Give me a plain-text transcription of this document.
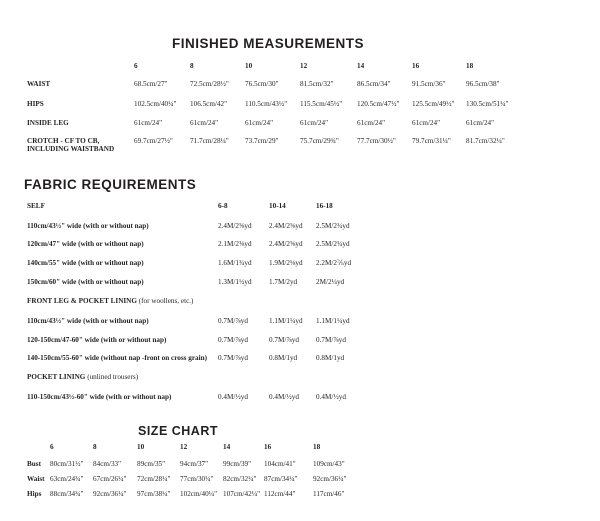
FINISHED MEASUREMENTS
6	8	10	12	14	16	18
WAIST	68.5cm/27"	72.5cm/28½" 76.5cm/30"	81.5cm/32"	86.5cm/34"	91.5cm/36"	96.5cm/38"
HIPS	102.5cm/40¼" 106.5cm/42" 110.5cm/43½" 115.5cm/45½" 120.5cm/47½" 125.5cm/49½" 130.5cm/51¼"
INSIDE LEG	61cm/24"	61cm/24"	61cm/24"	61cm/24"	61cm/24"	61cm/24"	61cm/24"
CROTCH - CF TO CB,
INCLUDING WAISTBAND
69.7cm/27½" 71.7cm/28¼" 73.7cm/29"	75.7cm/29¾"	77.7cm/30½" 79.7cm/31¼" 81.7cm/32¼"
FABRIC REQUIREMENTS
SELF	6-8	10-14	16-18
110cm/43½" wide (with or without nap)	2.4M/2⅝yd 2.4M/2⅝yd 2.5M/2¾yd
120cm/47" wide (with or without nap)	2.1M/2⅜yd 2.4M/2⅝yd 2.5M/2¾yd
140cm/55" wide (with or without nap)	1.6M/1¾yd 1.9M/2⅛yd 2.2M/2⅖yd
150cm/60" wide (with or without nap)	1.3M/1½yd 1.7M/2yd	2M/2¼yd
FRONT LEG & POCKET LINING (for woollens, etc.)
110cm/43½" wide (with or without nap)	0.7M/⅞yd	1.1M/1¼yd 1.1M/1¼yd
120-150cm/47-60" wide (with or without nap)	0.7M/⅞yd	0.7M/⅞yd 0.7M/⅞yd
140-150cm/55-60" wide (without nap -front on cross grain) 0.7M/⅞yd	0.8M/1yd	0.8M/1yd
POCKET LINING (unlined trousers)
110-150cm/43½-60" wide (with or without nap)	0.4M/½yd	0.4M/½yd 0.4M/½yd
SIZE CHART
6	8	10	12	14	16	18
Bust 80cm/31½" 84cm/33" 89cm/35" 94cm/37" 99cm/39" 104cm/41" 109cm/43"
Waist 63cm/24¾" 67cm/26¼" 72cm/28¼" 77cm/30¼" 82cm/32¼" 87cm/34¼" 92cm/36¼"
Hips 88cm/34¾" 92cm/36¼" 97cm/38¼" 102cm/40¼" 107cm/42¼" 112cm/44" 117cm/46"
